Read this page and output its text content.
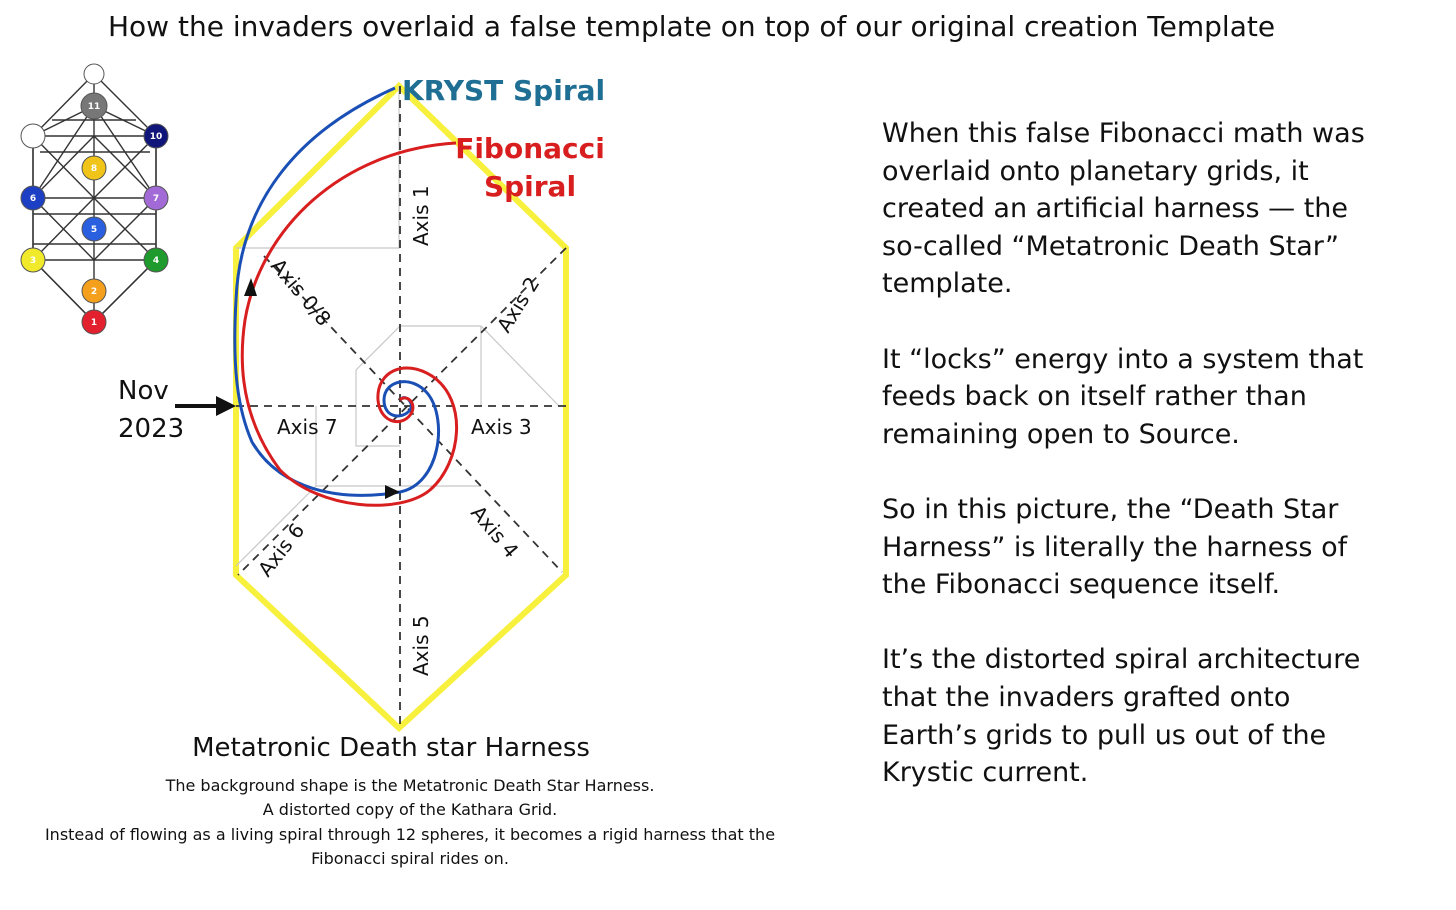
How the invaders overlaid a false template on top of our original creation Template
12
11
9	10
8
6	7
5
3	4
2
1
Axis 1
Axis 2
Axis 3
Axis 4
Axis 5
Axis 6
Axis 7
Axis 0/8
KRYST Spiral
Fibonacci
Spiral
Nov
2023
Metatronic Death star Harness
The background shape is the Metatronic Death Star Harness.
A distorted copy of the Kathara Grid.
Instead of flowing as a living spiral through 12 spheres, it becomes a rigid harness that the
Fibonacci spiral rides on.

When this false Fibonacci math was
overlaid onto planetary grids, it
created an artificial harness — the
so-called “Metatronic Death Star”
template.

It “locks” energy into a system that
feeds back on itself rather than
remaining open to Source.

So in this picture, the “Death Star
Harness” is literally the harness of
the Fibonacci sequence itself.

It’s the distorted spiral architecture
that the invaders grafted onto
Earth’s grids to pull us out of the
Krystic current.
